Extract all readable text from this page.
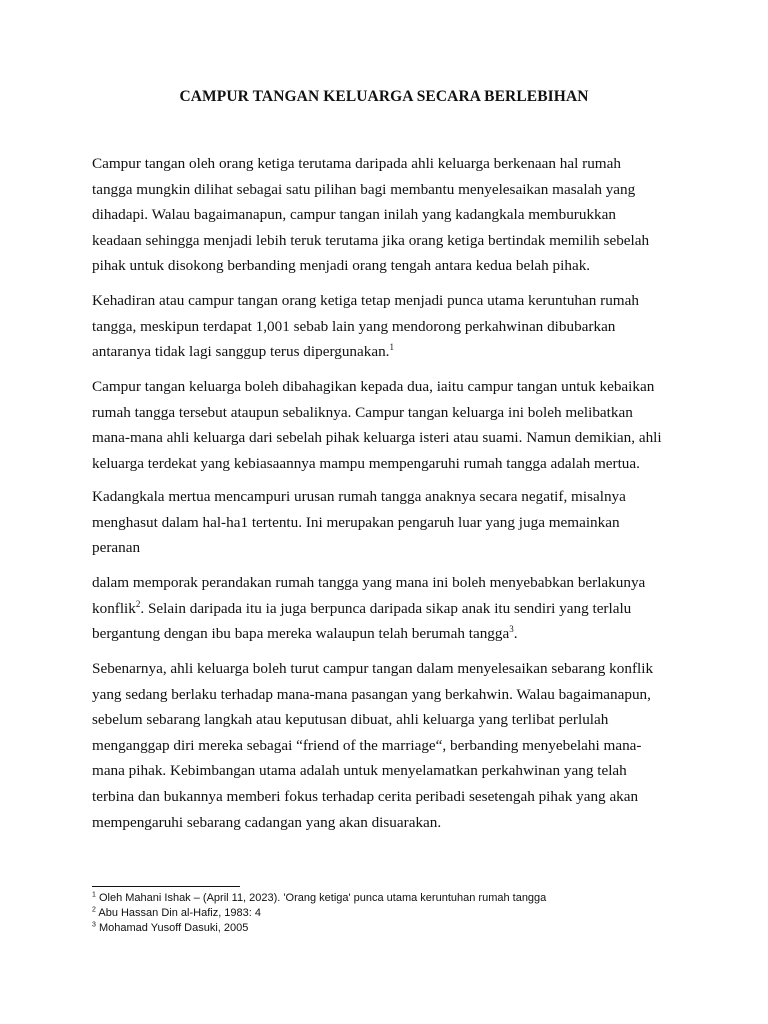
CAMPUR TANGAN KELUARGA SECARA BERLEBIHAN

Campur tangan oleh orang ketiga terutama daripada ahli keluarga berkenaan hal rumah
tangga mungkin dilihat sebagai satu pilihan bagi membantu menyelesaikan masalah yang
dihadapi. Walau bagaimanapun, campur tangan inilah yang kadangkala memburukkan
keadaan sehingga menjadi lebih teruk terutama jika orang ketiga bertindak memilih sebelah
pihak untuk disokong berbanding menjadi orang tengah antara kedua belah pihak.

Kehadiran atau campur tangan orang ketiga tetap menjadi punca utama keruntuhan rumah
tangga, meskipun terdapat 1,001 sebab lain yang mendorong perkahwinan dibubarkan
antaranya tidak lagi sanggup terus dipergunakan.$^1$

Campur tangan keluarga boleh dibahagikan kepada dua, iaitu campur tangan untuk kebaikan
rumah tangga tersebut ataupun sebaliknya. Campur tangan keluarga ini boleh melibatkan
mana-mana ahli keluarga dari sebelah pihak keluarga isteri atau suami. Namun demikian, ahli
keluarga terdekat yang kebiasaannya mampu mempengaruhi rumah tangga adalah mertua.

Kadangkala mertua mencampuri urusan rumah tangga anaknya secara negatif, misalnya
menghasut dalam hal-ha1 tertentu. Ini merupakan pengaruh luar yang juga memainkan
peranan

dalam memporak perandakan rumah tangga yang mana ini boleh menyebabkan berlakunya
konflik$^2$. Selain daripada itu ia juga berpunca daripada sikap anak itu sendiri yang terlalu
bergantung dengan ibu bapa mereka walaupun telah berumah tangga$^3$.

Sebenarnya, ahli keluarga boleh turut campur tangan dalam menyelesaikan sebarang konflik
yang sedang berlaku terhadap mana-mana pasangan yang berkahwin. Walau bagaimanapun,
sebelum sebarang langkah atau keputusan dibuat, ahli keluarga yang terlibat perlulah
menganggap diri mereka sebagai “friend of the marriage“, berbanding menyebelahi mana-
mana pihak. Kebimbangan utama adalah untuk menyelamatkan perkahwinan yang telah
terbina dan bukannya memberi fokus terhadap cerita peribadi sesetengah pihak yang akan
mempengaruhi sebarang cadangan yang akan disuarakan.

$^1$ Oleh Mahani Ishak – (April 11, 2023). 'Orang ketiga' punca utama keruntuhan rumah tangga
$^2$ Abu Hassan Din al-Hafiz, 1983: 4
$^3$ Mohamad Yusoff Dasuki, 2005
